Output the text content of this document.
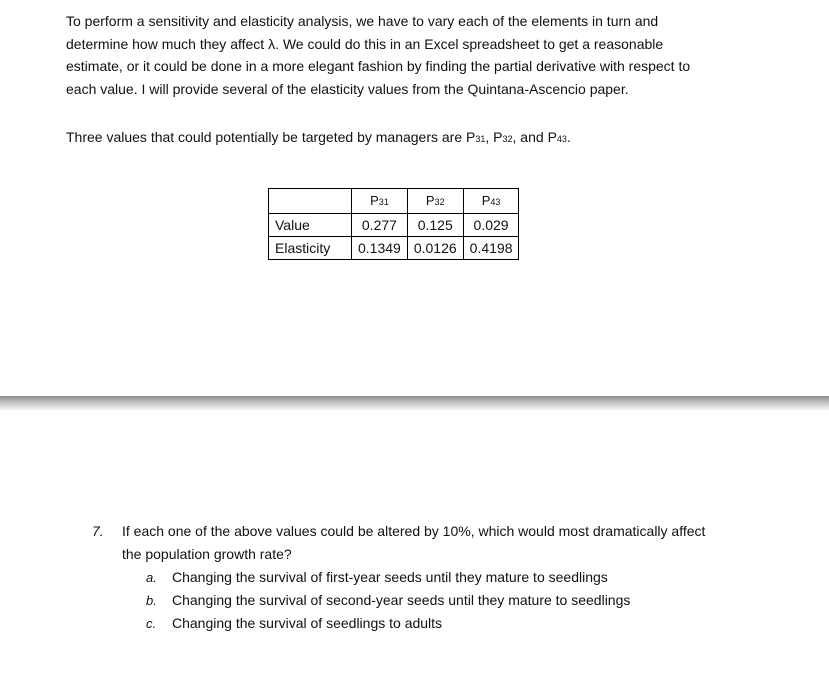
To perform a sensitivity and elasticity analysis, we have to vary each of the elements in turn and
determine how much they affect λ. We could do this in an Excel spreadsheet to get a reasonable
estimate, or it could be done in a more elegant fashion by finding the partial derivative with respect to
each value. I will provide several of the elasticity values from the Quintana-Ascencio paper.

Three values that could potentially be targeted by managers are P31, P32, and P43.

	P31	P32	P43
Value	0.277	0.125	0.029
Elasticity	0.1349	0.0126	0.4198
7. If each one of the above values could be altered by 10%, which would most dramatically affect
the population growth rate?
a. Changing the survival of first-year seeds until they mature to seedlings
b. Changing the survival of second-year seeds until they mature to seedlings
c. Changing the survival of seedlings to adults
